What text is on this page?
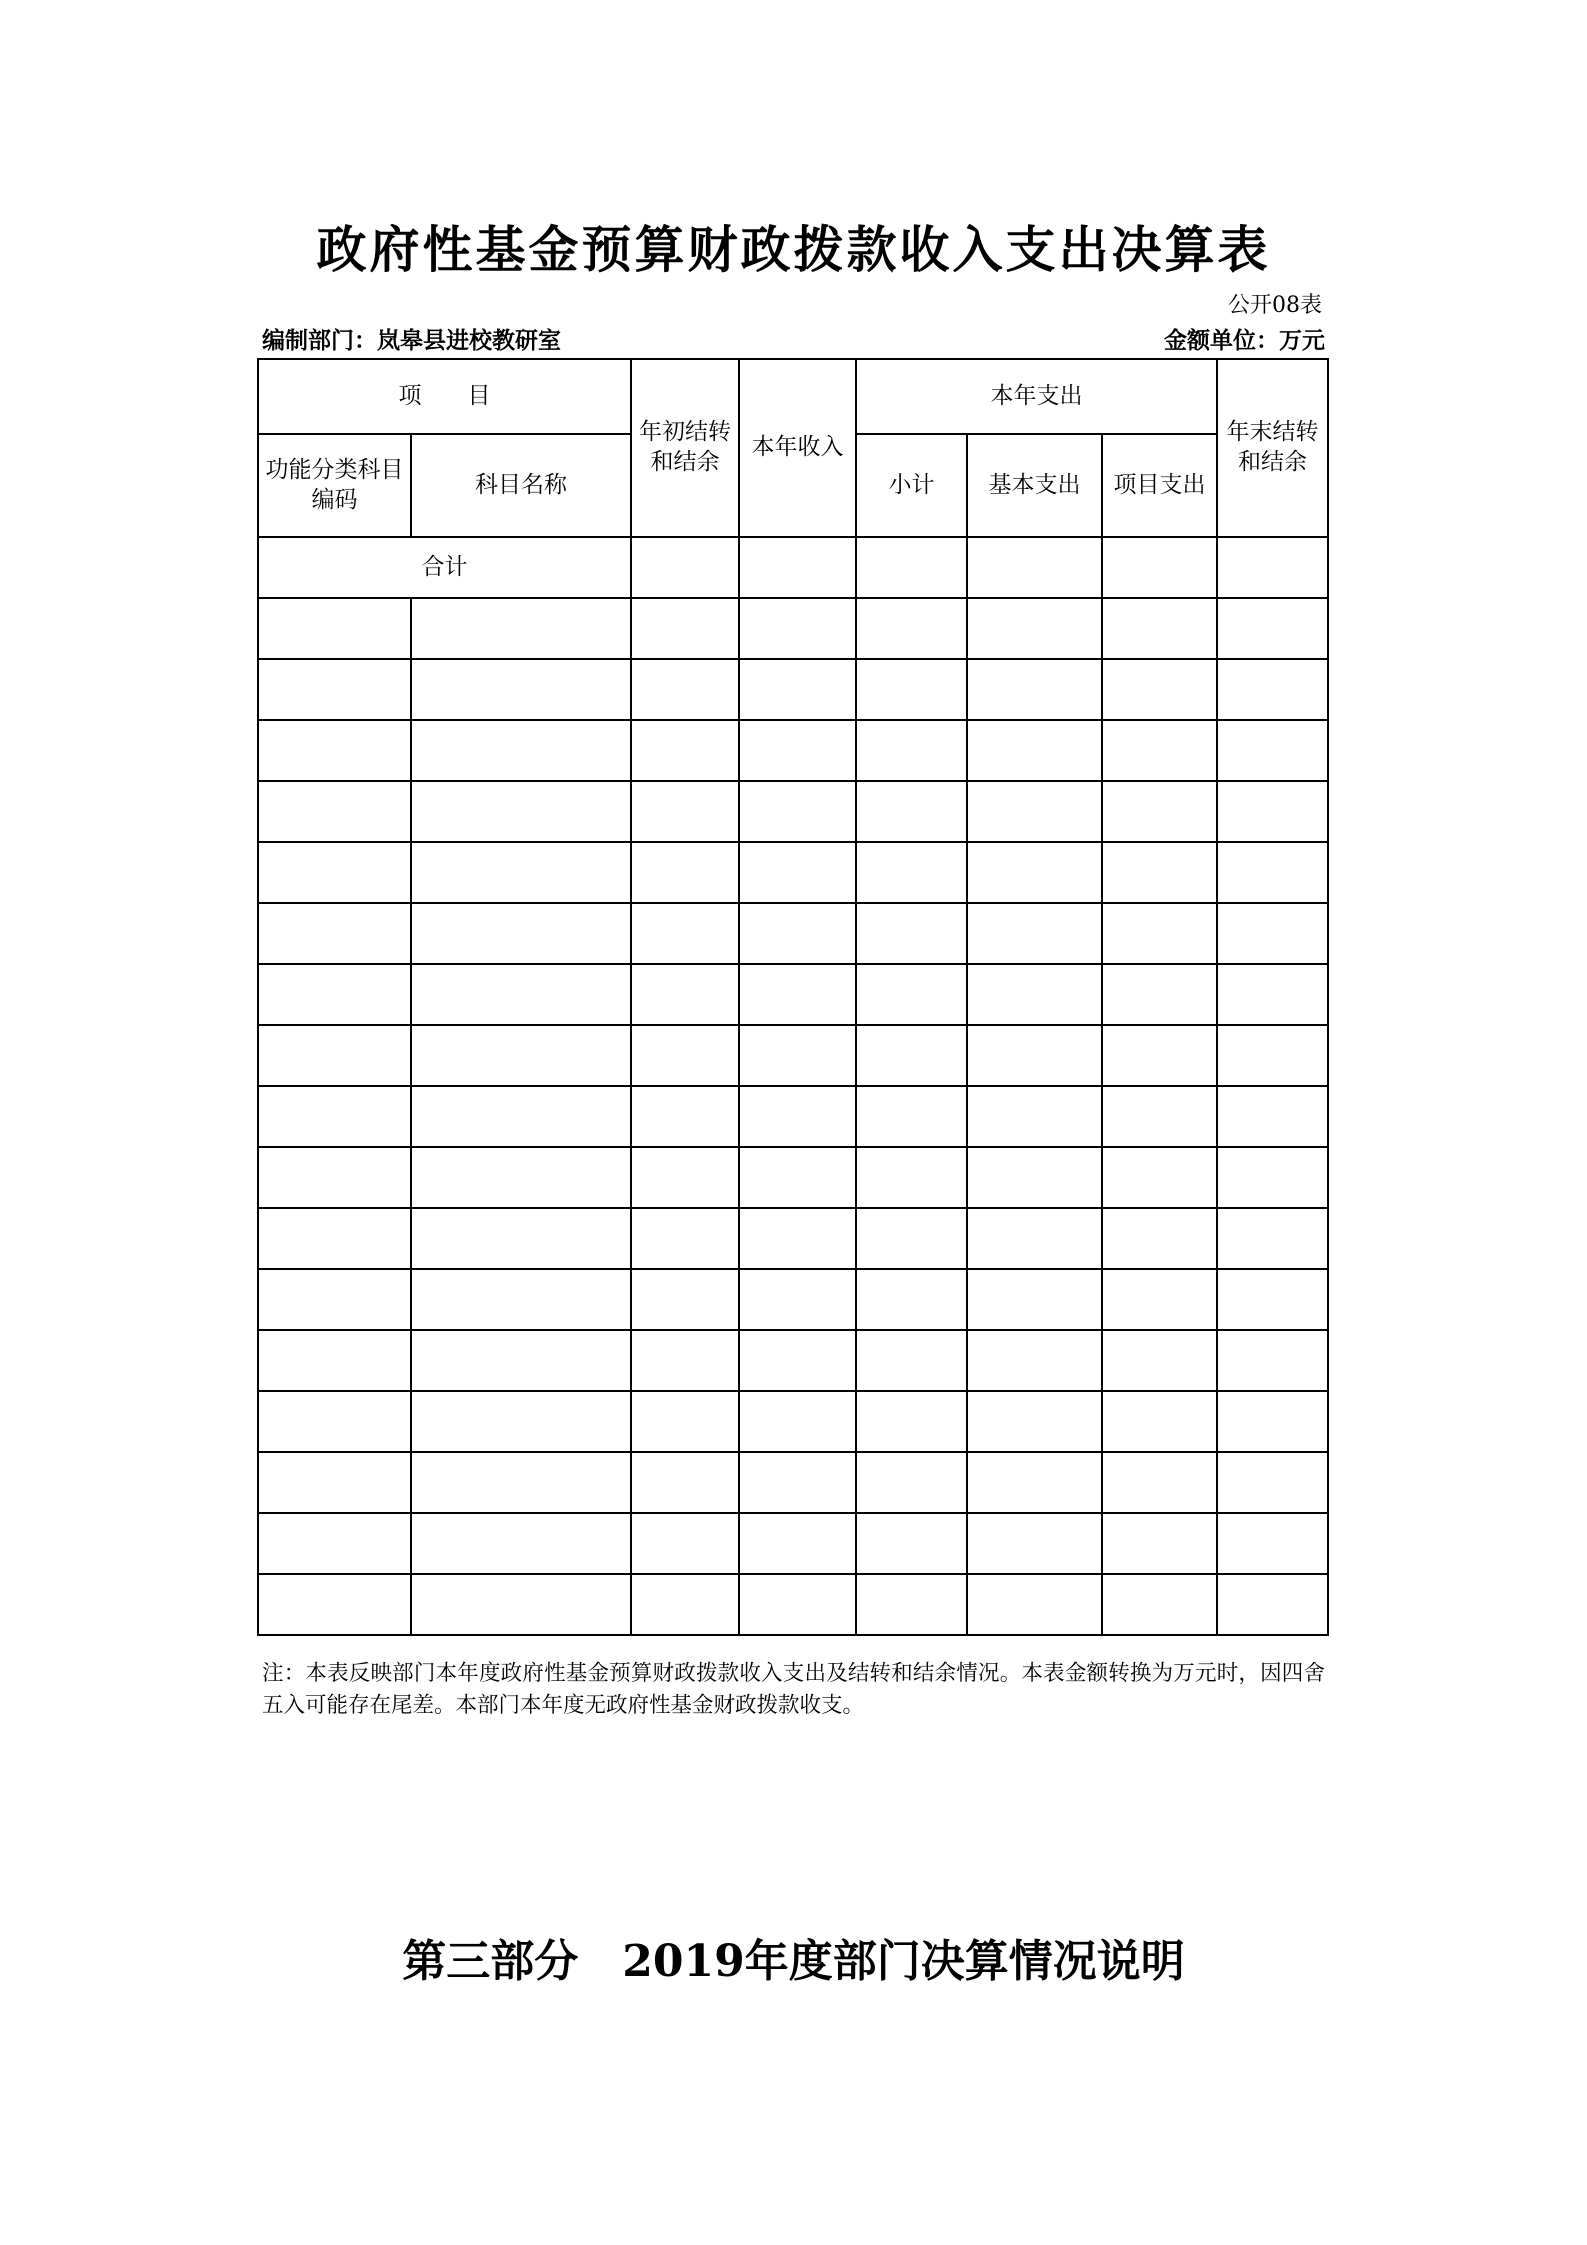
政府性基金预算财政拨款收入支出决算表
公开08表
编制部门：岚皋县进校教研室	金额单位：万元
项　　目		年初结转和结余	本年收入	本年支出			年末结转和结余
功能分类科目编码	科目名称			小计	基本支出	项目支出	
合计							

注：本表反映部门本年度政府性基金预算财政拨款收入支出及结转和结余情况。本表金额转换为万元时，因四舍五入可能存在尾差。本部门本年度无政府性基金财政拨款收支。
第三部分　2019年度部门决算情况说明
